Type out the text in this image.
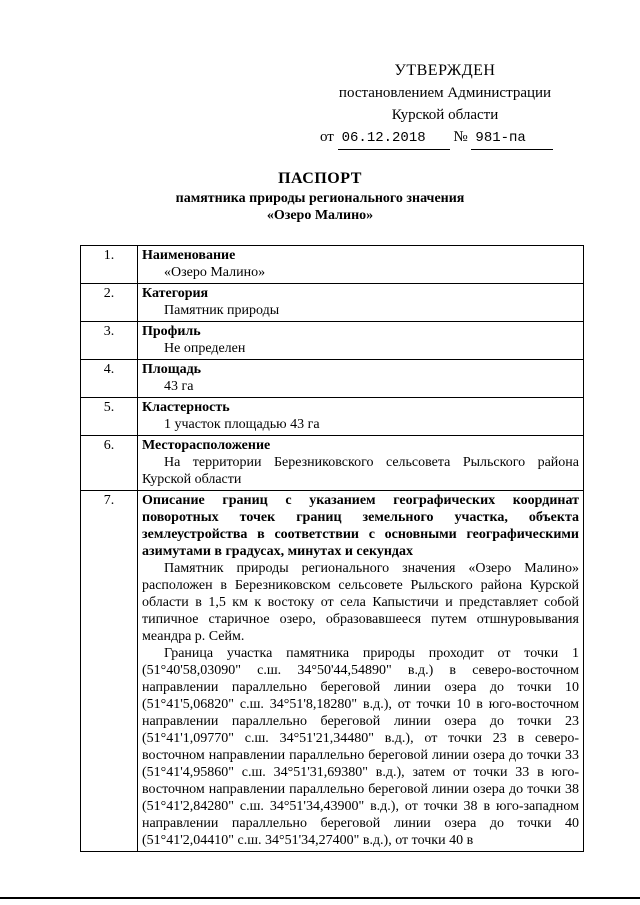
УТВЕРЖДЕН
постановлением Администрации
Курской области
от 06.12.2018 № 981-па
ПАСПОРТ
памятника природы регионального значения
«Озеро Малино»
1.	Наименование
«Озеро Малино»

2.	Категория
Памятник природы

3.	Профиль
Не определен

4.	Площадь
43 га

5.	Кластерность
1 участок площадью 43 га

6.	Месторасположение
На территории Березниковского сельсовета Рыльского района Курской области

7.	Описание границ с указанием географических координат поворотных точек границ земельного участка, объекта землеустройства в соответствии с основными географическими азимутами в градусах, минутах и секундах
Памятник природы регионального значения «Озеро Малино» расположен в Березниковском сельсовете Рыльского района Курской области в 1,5 км к востоку от села Капыстичи и представляет собой типичное старичное озеро, образовавшееся путем отшнуровывания меандра р. Сейм.
Граница участка памятника природы проходит от точки 1 (51°40'58,03090" с.ш. 34°50'44,54890" в.д.) в северо-восточном направлении параллельно береговой линии озера до точки 10 (51°41'5,06820" с.ш. 34°51'8,18280" в.д.), от точки 10 в юго-восточном направлении параллельно береговой линии озера до точки 23 (51°41'1,09770" с.ш. 34°51'21,34480" в.д.), от точки 23 в северо-восточном направлении параллельно береговой линии озера до точки 33 (51°41'4,95860" с.ш. 34°51'31,69380" в.д.), затем от точки 33 в юго-восточном направлении параллельно береговой линии озера до точки 38 (51°41'2,84280" с.ш. 34°51'34,43900" в.д.), от точки 38 в юго-западном направлении параллельно береговой линии озера до точки 40 (51°41'2,04410" с.ш. 34°51'34,27400" в.д.), от точки 40 в
